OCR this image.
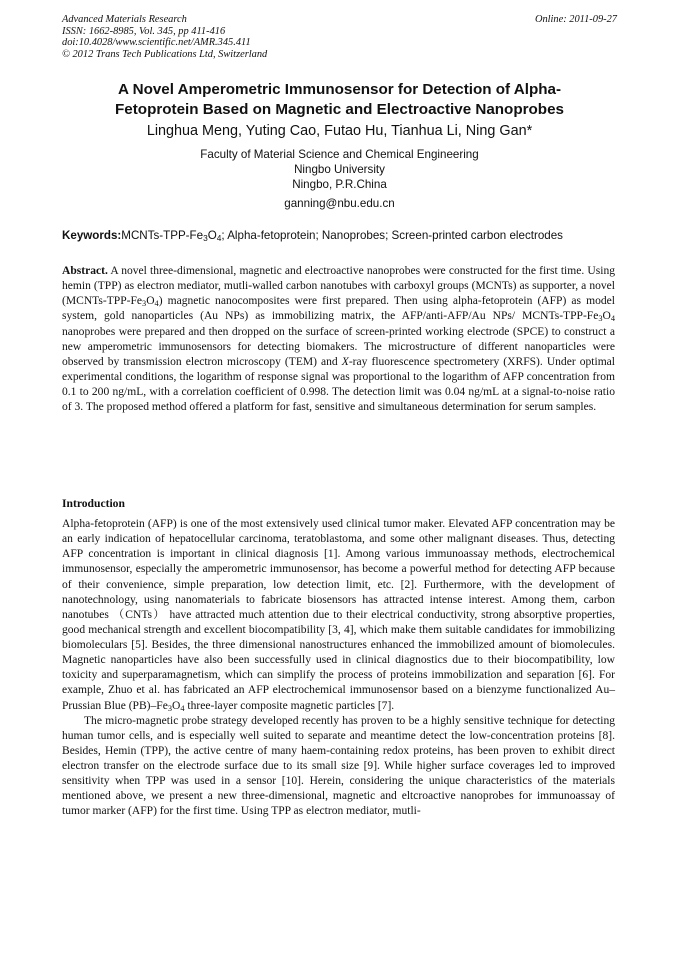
Advanced Materials Research	Online: 2011-09-27
ISSN: 1662-8985, Vol. 345, pp 411-416
doi:10.4028/www.scientific.net/AMR.345.411
© 2012 Trans Tech Publications Ltd, Switzerland
A Novel Amperometric Immunosensor for Detection of Alpha-
Fetoprotein Based on Magnetic and Electroactive Nanoprobes
Linghua Meng, Yuting Cao, Futao Hu, Tianhua Li, Ning Gan*
Faculty of Material Science and Chemical Engineering
Ningbo University
Ningbo, P.R.China
ganning@nbu.edu.cn
$Keywords:MCNTs-TPP-Fe_3O_4$; Alpha-fetoprotein; Nanoprobes; Screen-printed carbon electrodes
Abstract. A novel three-dimensional, magnetic and electroactive nanoprobes were constructed for the first time. Using hemin (TPP) as electron mediator, mutli-walled carbon nanotubes with carboxyl groups (MCNTs) as supporter, a novel $(MCNTs-TPP-Fe_3O_4)$ magnetic nanocomposites were first prepared. Then using alpha-fetoprotein (AFP) as model system, gold nanoparticles (Au NPs) as immobilizing matrix, the AFP/anti-AFP/Au NPs/ MCNTs-$TPP-Fe_3O_4$ nanoprobes were prepared and then dropped on the surface of screen-printed working electrode (SPCE) to construct a new amperometric immunosensors for detecting biomakers. The microstructure of different nanoparticles were observed by transmission electron microscopy (TEM) and X-ray fluorescence spectrometery (XRFS). Under optimal experimental conditions, the logarithm of response signal was proportional to the logarithm of AFP concentration from 0.1 to 200 ng/mL, with a correlation coefficient of 0.998. The detection limit was 0.04 ng/mL at a signal-to-noise ratio of 3. The proposed method offered a platform for fast, sensitive and simultaneous determination for serum samples.
Introduction

Alpha-fetoprotein (AFP) is one of the most extensively used clinical tumor maker. Elevated AFP concentration may be an early indication of hepatocellular carcinoma, teratoblastoma, and some other malignant diseases. Thus, detecting AFP concentration is important in clinical diagnosis [1]. Among various immunoassay methods, electrochemical immunosensor, especially the amperometric immunosensor, has become a powerful method for detecting AFP because of their convenience, simple preparation, low detection limit, etc. [2]. Furthermore, with the development of nanotechnology, using nanomaterials to fabricate biosensors has attracted intense interest. Among them, carbon nanotubes （CNTs） have attracted much attention due to their electrical conductivity, strong absorptive properties, good mechanical strength and excellent biocompatibility [3, 4], which make them suitable candidates for immobilizing biomoleculars [5]. Besides, the three dimensional nanostructures enhanced the immobilized amount of biomolecules. Magnetic nanoparticles have also been successfully used in clinical diagnostics due to their biocompatibility, low toxicity and superparamagnetism, which can simplify the process of proteins immobilization and separation [6]. For example, Zhuo et al. has fabricated an AFP electrochemical immunosensor based on a bienzyme functionalized Au–Prussian Blue $(PB)-Fe_3O_4$ three-layer composite magnetic particles [7].

The micro-magnetic probe strategy developed recently has proven to be a highly sensitive technique for detecting human tumor cells, and is especially well suited to separate and meantime detect the low-concentration proteins [8]. Besides, Hemin (TPP), the active centre of many haem-containing redox proteins, has been proven to exhibit direct electron transfer on the electrode surface due to its small size [9]. While higher surface coverages led to improved sensitivity when TPP was used in a sensor [10]. Herein, considering the unique characteristics of the materials mentioned above, we present a new three-dimensional, magnetic and eltcroactive nanoprobes for immunoassay of tumor marker (AFP) for the first time. Using TPP as electron mediator, mutli-
